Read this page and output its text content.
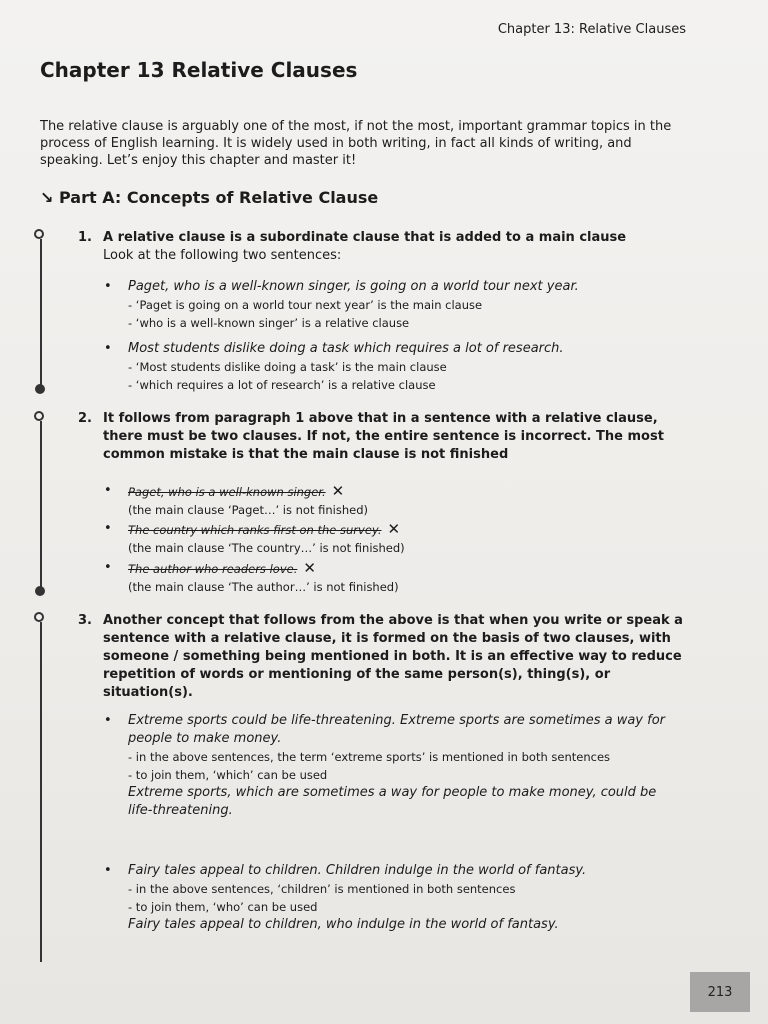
Chapter 13: Relative Clauses
Chapter 13 Relative Clauses

The relative clause is arguably one of the most, if not the most, important grammar topics in the process of English learning. It is widely used in both writing, in fact all kinds of writing, and speaking. Let’s enjoy this chapter and master it!

↘ Part A: Concepts of Relative Clause
1. A relative clause is a subordinate clause that is added to a main clause
Look at the following two sentences:
• Paget, who is a well-known singer, is going on a world tour next year.
- ‘Paget is going on a world tour next year’ is the main clause
- ‘who is a well-known singer’ is a relative clause
• Most students dislike doing a task which requires a lot of research.
- ‘Most students dislike doing a task’ is the main clause
- ‘which requires a lot of research’ is a relative clause
2. It follows from paragraph 1 above that in a sentence with a relative clause, there must be two clauses. If not, the entire sentence is incorrect. The most common mistake is that the main clause is not finished
• Paget, who is a well-known singer. ✕
(the main clause ‘Paget…’ is not finished)
• The country which ranks first on the survey. ✕
(the main clause ‘The country…’ is not finished)
• The author who readers love. ✕
(the main clause ‘The author…’ is not finished)
3. Another concept that follows from the above is that when you write or speak a sentence with a relative clause, it is formed on the basis of two clauses, with someone / something being mentioned in both. It is an effective way to reduce repetition of words or mentioning of the same person(s), thing(s), or situation(s).
• Extreme sports could be life-threatening. Extreme sports are sometimes a way for people to make money.
- in the above sentences, the term ‘extreme sports’ is mentioned in both sentences
- to join them, ‘which’ can be used
Extreme sports, which are sometimes a way for people to make money, could be life-threatening.
• Fairy tales appeal to children. Children indulge in the world of fantasy.
- in the above sentences, ‘children’ is mentioned in both sentences
- to join them, ‘who’ can be used
Fairy tales appeal to children, who indulge in the world of fantasy.
213
